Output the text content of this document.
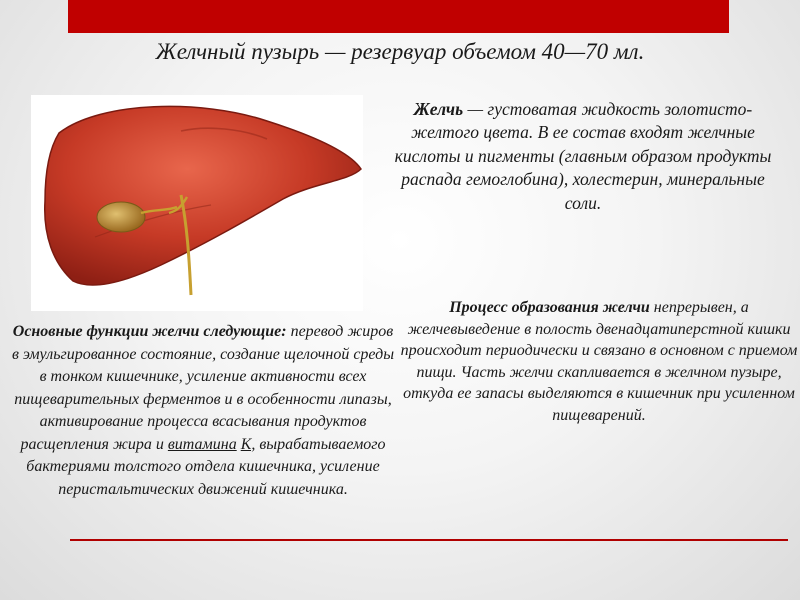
Желчный пузырь — резервуар объемом 40—70 мл.
Желчь — густоватая жидкость золотисто-желтого цвета. В ее состав входят желчные кислоты и пигменты (главным образом продукты распада гемоглобина), холестерин, минеральные соли.
Процесс образования желчи непрерывен, а желчевыведение в полость двенадцатиперстной кишки происходит периодически и связано в основном с приемом пищи. Часть желчи скапливается в желчном пузыре, откуда ее запасы выделяются в кишечник при усиленном пищеварений.
Основные функции желчи следующие: перевод жиров в эмульгированное состояние, создание щелочной среды в тонком кишечнике, усиление активности всех пищеварительных ферментов и в особенности липазы, активирование процесса всасывания продуктов расщепления жира и витамина К, вырабатываемого бактериями толстого отдела кишечника, усиление перистальтических движений кишечника.
